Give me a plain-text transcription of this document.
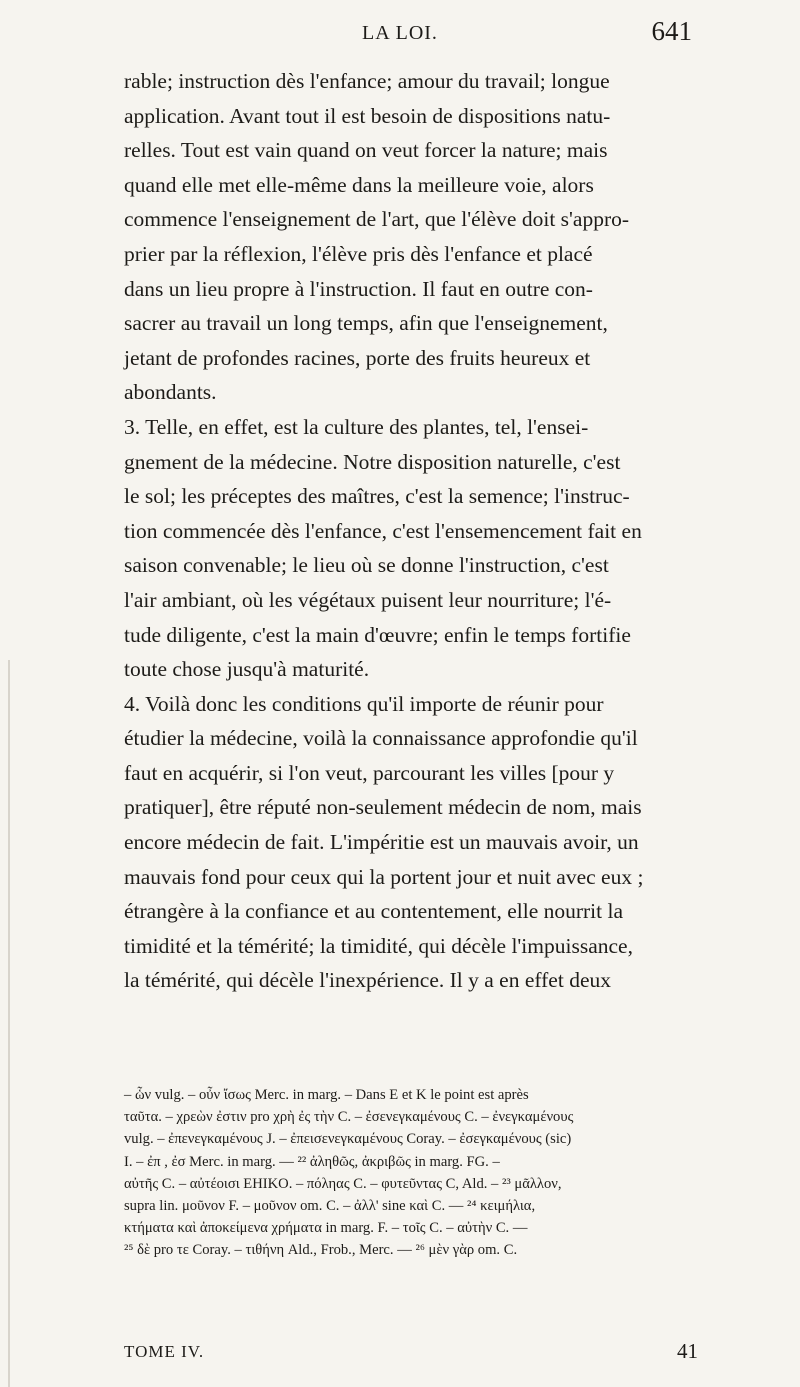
LA LOI.	641
rable; instruction dès l'enfance; amour du travail; longue
application. Avant tout il est besoin de dispositions natu-
relles. Tout est vain quand on veut forcer la nature; mais
quand elle met elle-même dans la meilleure voie, alors
commence l'enseignement de l'art, que l'élève doit s'appro-
prier par la réflexion, l'élève pris dès l'enfance et placé
dans un lieu propre à l'instruction. Il faut en outre con-
sacrer au travail un long temps, afin que l'enseignement,
jetant de profondes racines, porte des fruits heureux et
abondants.
3. Telle, en effet, est la culture des plantes, tel, l'ensei-
gnement de la médecine. Notre disposition naturelle, c'est
le sol; les préceptes des maîtres, c'est la semence; l'instruc-
tion commencée dès l'enfance, c'est l'ensemencement fait en
saison convenable; le lieu où se donne l'instruction, c'est
l'air ambiant, où les végétaux puisent leur nourriture; l'é-
tude diligente, c'est la main d'œuvre; enfin le temps fortifie
toute chose jusqu'à maturité.
4. Voilà donc les conditions qu'il importe de réunir pour
étudier la médecine, voilà la connaissance approfondie qu'il
faut en acquérir, si l'on veut, parcourant les villes [pour y
pratiquer], être réputé non-seulement médecin de nom, mais
encore médecin de fait. L'impéritie est un mauvais avoir, un
mauvais fond pour ceux qui la portent jour et nuit avec eux ;
étrangère à la confiance et au contentement, elle nourrit la
timidité et la témérité; la timidité, qui décèle l'impuissance,
la témérité, qui décèle l'inexpérience. Il y a en effet deux
– ὧν vulg. – οὖν ἴσως Merc. in marg. – Dans E et K le point est après
ταῦτα. – χρεὼν ἐστιν pro χρὴ ἐς τὴν C. – ἐσενεγκαμένους C. – ἐνεγκαμένους
vulg. – ἐπενεγκαμένους J. – ἐπεισενεγκαμένους Coray. – ἐσεγκαμένους (sic)
I. – ἐπ , ἐσ Merc. in marg. — ²² ἀληθῶς, ἀκριβῶς in marg. FG. –
αὐτῆς C. – αὐτέοισι EHIKO. – πόληας C. – φυτεῦντας C, Ald. – ²³ μᾶλλον,
supra lin. μοῦνον F. – μοῦνον om. C. – ἀλλ' sine καὶ C. — ²⁴ κειμήλια,
κτήματα καὶ ἀποκείμενα χρήματα in marg. F. – τοῖς C. – αὐτὴν C. —
²⁵ δὲ pro τε Coray. – τιθήνη Ald., Frob., Merc. — ²⁶ μὲν γὰρ om. C.
TOME IV.	41
